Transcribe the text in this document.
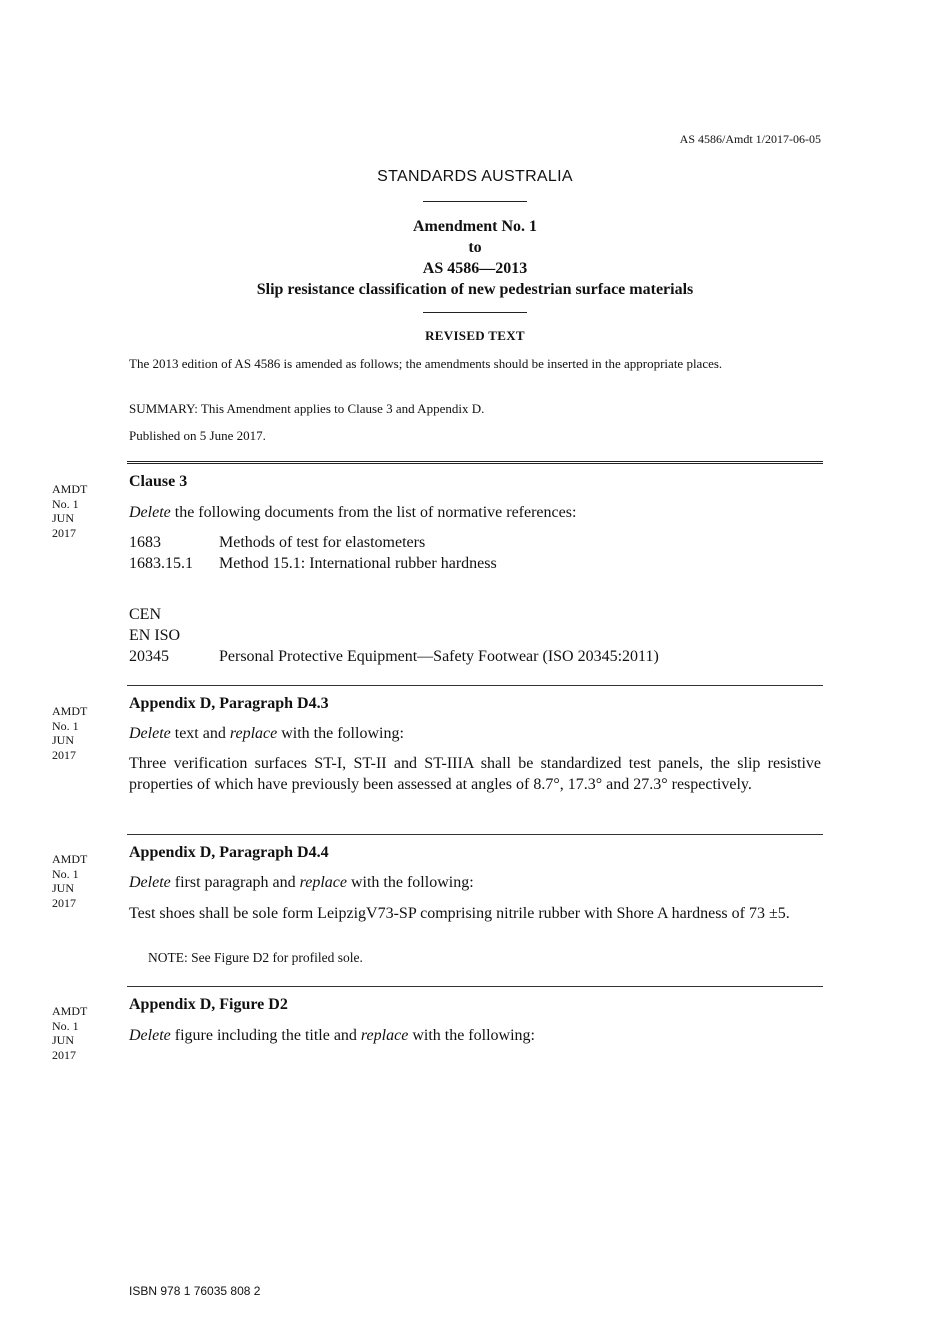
AS 4586/Amdt 1/2017-06-05
STANDARDS AUSTRALIA
Amendment No. 1
to
AS 4586—2013
Slip resistance classification of new pedestrian surface materials
REVISED TEXT
The 2013 edition of AS 4586 is amended as follows; the amendments should be inserted in the appropriate places.
SUMMARY: This Amendment applies to Clause 3 and Appendix D.
Published on 5 June 2017.
AMDT
No. 1
JUN
2017
Clause 3
Delete the following documents from the list of normative references:
1683	Methods of test for elastometers
1683.15.1	Method 15.1: International rubber hardness
CEN
EN ISO
20345	Personal Protective Equipment—Safety Footwear (ISO 20345:2011)
AMDT
No. 1
JUN
2017
Appendix D, Paragraph D4.3
Delete text and replace with the following:
Three verification surfaces ST-I, ST-II and ST-IIIA shall be standardized test panels, the slip resistive properties of which have previously been assessed at angles of 8.7°, 17.3° and 27.3° respectively.
AMDT
No. 1
JUN
2017
Appendix D, Paragraph D4.4
Delete first paragraph and replace with the following:
Test shoes shall be sole form LeipzigV73-SP comprising nitrile rubber with Shore A hardness of 73 ±5.
NOTE: See Figure D2 for profiled sole.
AMDT
No. 1
JUN
2017
Appendix D, Figure D2
Delete figure including the title and replace with the following:
ISBN 978 1 76035 808 2
